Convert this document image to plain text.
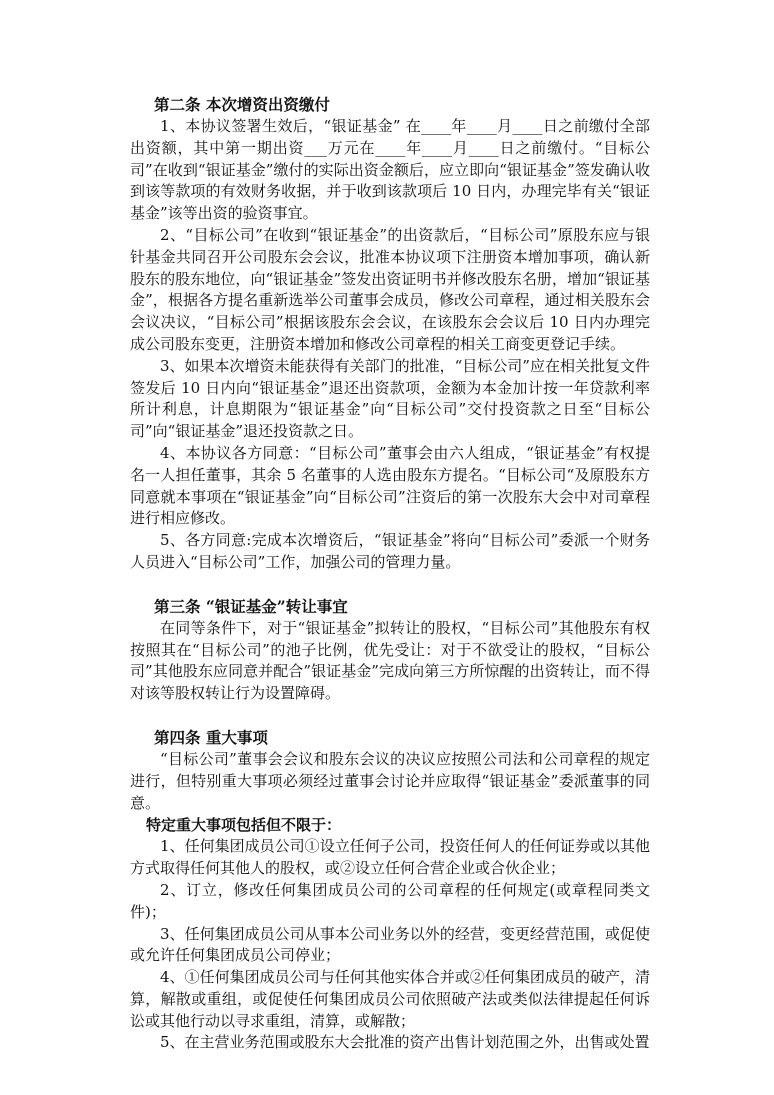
第二条 本次增资出资缴付

1、本协议签署生效后，“银证基金” 在____年____月____日之前缴付全部出资额，其中第一期出资___万元在____年____月____日之前缴付。“目标公司”在收到“银证基金”缴付的实际出资金额后，应立即向“银证基金”签发确认收到该等款项的有效财务收据，并于收到该款项后 10 日内，办理完毕有关“银证基金”该等出资的验资事宜。

2、“目标公司”在收到“银证基金”的出资款后，“目标公司”原股东应与银针基金共同召开公司股东会会议，批准本协议项下注册资本增加事项，确认新股东的股东地位，向“银证基金”签发出资证明书并修改股东名册，增加“银证基金”，根据各方提名重新选举公司董事会成员，修改公司章程，通过相关股东会会议决议，“目标公司”根据该股东会会议，在该股东会会议后 10 日内办理完成公司股东变更，注册资本增加和修改公司章程的相关工商变更登记手续。

3、如果本次增资未能获得有关部门的批准，“目标公司”应在相关批复文件签发后 10 日内向“银证基金”退还出资款项，金额为本金加计按一年贷款利率所计利息，计息期限为“银证基金”向“目标公司”交付投资款之日至“目标公司”向“银证基金”退还投资款之日。

4、本协议各方同意：“目标公司”董事会由六人组成，“银证基金”有权提名一人担任董事，其余 5 名董事的人选由股东方提名。“目标公司“及原股东方同意就本事项在“银证基金”向“目标公司”注资后的第一次股东大会中对司章程进行相应修改。

5、各方同意:完成本次增资后，“银证基金”将向“目标公司”委派一个财务人员进入“目标公司”工作，加强公司的管理力量。

第三条 “银证基金”转让事宜

在同等条件下，对于“银证基金”拟转让的股权，“目标公司”其他股东有权按照其在“目标公司”的池子比例，优先受让：对于不欲受让的股权，“目标公司”其他股东应同意并配合”银证基金”完成向第三方所惊醒的出资转让，而不得对该等股权转让行为设置障碍。

第四条 重大事项

“目标公司”董事会会议和股东会议的决议应按照公司法和公司章程的规定进行，但特别重大事项必须经过董事会讨论并应取得“银证基金”委派董事的同意。

特定重大事项包括但不限于：

1、任何集团成员公司①设立任何子公司，投资任何人的任何证券或以其他方式取得任何其他人的股权，或②设立任何合营企业或合伙企业；

2、订立，修改任何集团成员公司的公司章程的任何规定(或章程同类文件)；

3、任何集团成员公司从事本公司业务以外的经营，变更经营范围，或促使或允许任何集团成员公司停业；

4、①任何集团成员公司与任何其他实体合并或②任何集团成员的破产，清算，解散或重组，或促使任何集团成员公司依照破产法或类似法律提起任何诉讼或其他行动以寻求重组，清算，或解散；

5、在主营业务范围或股东大会批准的资产出售计划范围之外，出售或处置
